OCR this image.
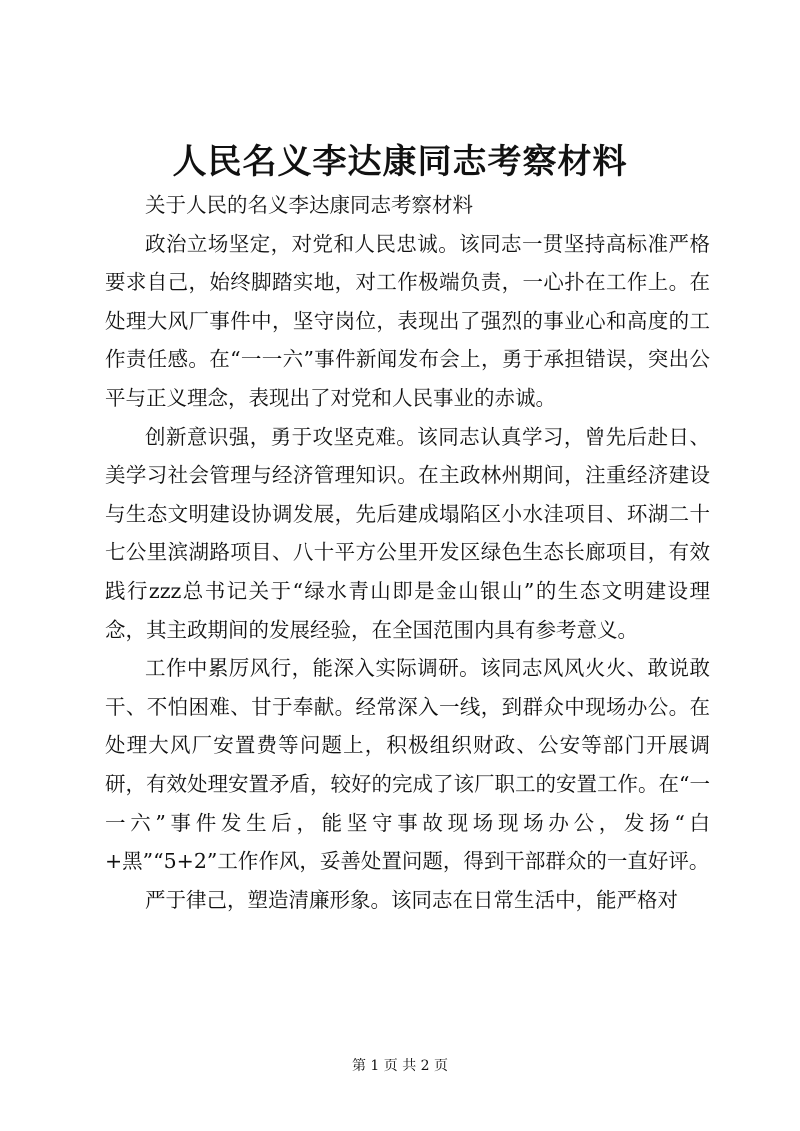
人民名义李达康同志考察材料

关于人民的名义李达康同志考察材料

政治立场坚定，对党和人民忠诚。该同志一贯坚持高标准严格要求自己，始终脚踏实地，对工作极端负责，一心扑在工作上。在处理大风厂事件中，坚守岗位，表现出了强烈的事业心和高度的工作责任感。在“一一六”事件新闻发布会上，勇于承担错误，突出公平与正义理念，表现出了对党和人民事业的赤诚。

创新意识强，勇于攻坚克难。该同志认真学习，曾先后赴日、美学习社会管理与经济管理知识。在主政林州期间，注重经济建设与生态文明建设协调发展，先后建成塌陷区小水洼项目、环湖二十七公里滨湖路项目、八十平方公里开发区绿色生态长廊项目，有效践行zzz总书记关于“绿水青山即是金山银山”的生态文明建设理念，其主政期间的发展经验，在全国范围内具有参考意义。

工作中累厉风行，能深入实际调研。该同志风风火火、敢说敢干、不怕困难、甘于奉献。经常深入一线，到群众中现场办公。在处理大风厂安置费等问题上，积极组织财政、公安等部门开展调研，有效处理安置矛盾，较好的完成了该厂职工的安置工作。在“一一六”事件发生后，能坚守事故现场现场办公，发扬“白+黑”“5+2”工作作风，妥善处置问题，得到干部群众的一直好评。

严于律己，塑造清廉形象。该同志在日常生活中，能严格对

第 1 页 共 2 页
